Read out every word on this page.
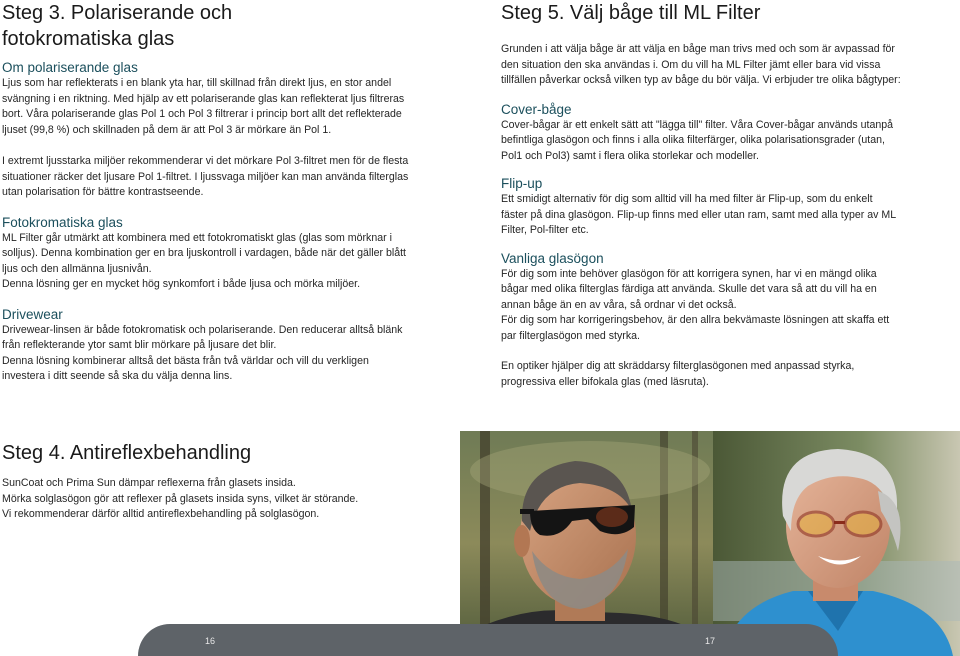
Steg 3. Polariserande och fotokromatiska glas
Om polariserande glas

Ljus som har reflekterats i en blank yta har, till skillnad från direkt ljus, en stor andel svängning i en riktning. Med hjälp av ett polariserande glas kan reflekterat ljus filtreras bort. Våra polariserande glas Pol 1 och Pol 3 filtrerar i princip bort allt det reflekterade ljuset (99,8 %) och skillnaden på dem är att Pol 3 är mörkare än Pol 1.

I extremt ljusstarka miljöer rekommenderar vi det mörkare Pol 3-filtret men för de flesta situationer räcker det ljusare Pol 1-filtret. I ljussvaga miljöer kan man använda filterglas utan polarisation för bättre kontrastseende.

Fotokromatiska glas

ML Filter går utmärkt att kombinera med ett fotokromatiskt glas (glas som mörknar i solljus). Denna kombination ger en bra ljuskontroll i vardagen, både när det gäller blått ljus och den allmänna ljusnivån.

Denna lösning ger en mycket hög synkomfort i både ljusa och mörka miljöer.

Drivewear

Drivewear-linsen är både fotokromatisk och polariserande. Den reducerar alltså blänk från reflekterande ytor samt blir mörkare på ljusare det blir.

Denna lösning kombinerar alltså det bästa från två världar och vill du verkligen investera i ditt seende så ska du välja denna lins.

Steg 4. Antireflexbehandling

SunCoat och Prima Sun dämpar reflexerna från glasets insida.

Mörka solglasögon gör att reflexer på glasets insida syns, vilket är störande.

Vi rekommenderar därför alltid antireflexbehandling på solglasögon.

Steg 5. Välj båge till ML Filter

Grunden i att välja båge är att välja en båge man trivs med och som är avpassad för den situation den ska användas i. Om du vill ha ML Filter jämt eller bara vid vissa tillfällen påverkar också vilken typ av båge du bör välja. Vi erbjuder tre olika bågtyper:

Cover-båge

Cover-bågar är ett enkelt sätt att "lägga till" filter. Våra Cover-bågar används utanpå befintliga glasögon och finns i alla olika filterfärger, olika polarisationsgrader (utan, Pol1 och Pol3) samt i flera olika storlekar och modeller.

Flip-up

Ett smidigt alternativ för dig som alltid vill ha med filter är Flip-up, som du enkelt fäster på dina glasögon. Flip-up finns med eller utan ram, samt med alla typer av ML Filter, Pol-filter etc.

Vanliga glasögon

För dig som inte behöver glasögon för att korrigera synen, har vi en mängd olika bågar med olika filterglas färdiga att använda. Skulle det vara så att du vill ha en annan båge än en av våra, så ordnar vi det också.

För dig som har korrigeringsbehov, är den allra bekvämaste lösningen att skaffa ett par filterglasögon med styrka.

En optiker hjälper dig att skräddarsy filterglasögonen med anpassad styrka, progressiva eller bifokala glas (med läsruta).

16	17
